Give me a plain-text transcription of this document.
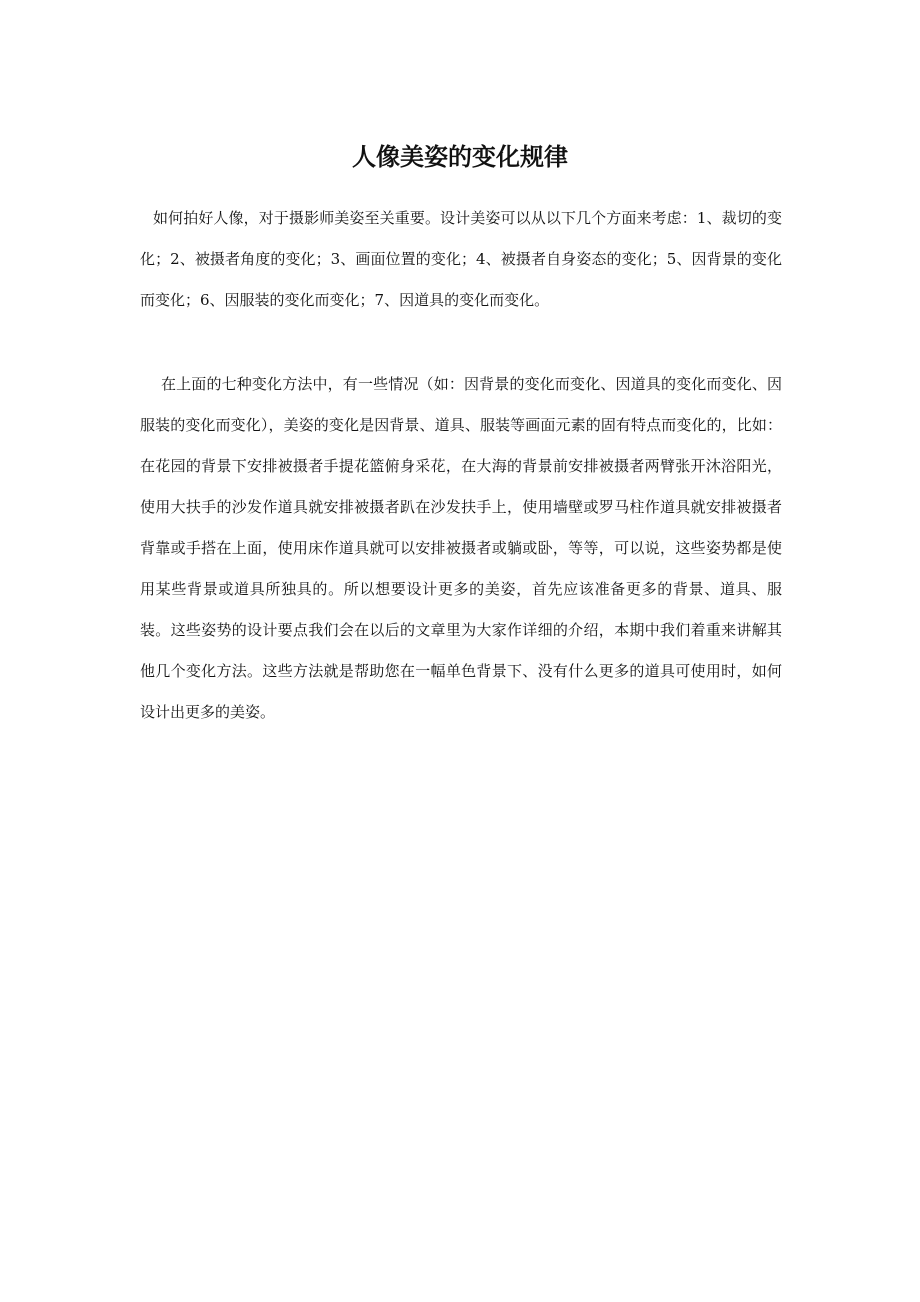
人像美姿的变化规律

如何拍好人像，对于摄影师美姿至关重要。设计美姿可以从以下几个方面来考虑：1、裁切的变化；2、被摄者角度的变化；3、画面位置的变化；4、被摄者自身姿态的变化；5、因背景的变化而变化；6、因服装的变化而变化；7、因道具的变化而变化。

在上面的七种变化方法中，有一些情况（如：因背景的变化而变化、因道具的变化而变化、因服装的变化而变化），美姿的变化是因背景、道具、服装等画面元素的固有特点而变化的，比如：在花园的背景下安排被摄者手提花篮俯身采花，在大海的背景前安排被摄者两臂张开沐浴阳光，使用大扶手的沙发作道具就安排被摄者趴在沙发扶手上，使用墙壁或罗马柱作道具就安排被摄者背靠或手搭在上面，使用床作道具就可以安排被摄者或躺或卧，等等，可以说，这些姿势都是使用某些背景或道具所独具的。所以想要设计更多的美姿，首先应该准备更多的背景、道具、服装。这些姿势的设计要点我们会在以后的文章里为大家作详细的介绍，本期中我们着重来讲解其他几个变化方法。这些方法就是帮助您在一幅单色背景下、没有什么更多的道具可使用时，如何设计出更多的美姿。
